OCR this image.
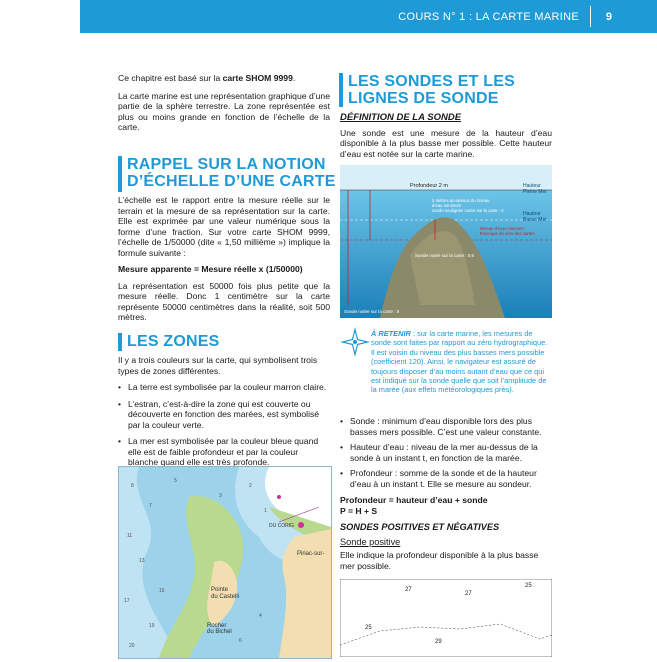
COURS N° 1 : LA CARTE MARINE 9

Ce chapitre est basé sur la carte SHOM 9999.

La carte marine est une représentation graphique d’une partie de la sphère terrestre. La zone représentée est plus ou moins grande en fonction de l’échelle de la carte.

RAPPEL SUR LA NOTION
D’ÉCHELLE D’UNE CARTE

L’échelle est le rapport entre la mesure réelle sur le terrain et la mesure de sa représentation sur la carte. Elle est exprimée par une valeur numérique sous la forme d’une fraction. Sur votre carte SHOM 9999, l’échelle de 1/50000 (dite « 1,50 millième ») implique la formule suivante :

Mesure apparente = Mesure réelle x (1/50000)

La représentation est 50000 fois plus petite que la mesure réelle. Donc 1 centimètre sur la carte représente 50000 centimètres dans la réalité, soit 500 mètres.

LES ZONES

Il y a trois couleurs sur la carte, qui symbolisent trois types de zones différentes.

• La terre est symbolisée par la couleur marron claire.
• L’estran, c’est-à-dire la zone qui est couverte ou découverte en fonction des marées, est symbolisé par la couleur verte.
• La mer est symbolisée par la couleur bleue quand elle est de faible profondeur et par la couleur blanche quand elle est très profonde.
8
7
5
11
13
15
3
2
1
17
19
20
4
6
Piriac-sur-
Pointe
du Castelli
Rocher
du Bichel
DU CORIG
LES SONDES ET LES
LIGNES DE SONDE

DÉFINITION DE LA SONDE

Une sonde est une mesure de la hauteur d’eau disponible à la plus basse mer possible. Cette hauteur d’eau est notée sur la carte marine.

Profondeur 2 m	Hauteur
Pleine Mer
Hauteur
Basse Mer
2 mètres au-dessus du niveau
d’eau minimum
sonde soulignée notée sur la carte : 2
Niveau d’eau minimum
théorique du zéro des cartes
Sonde notée sur la carte : 0,6
Sonde notée sur la carte : 6
À RETENIR : sur la carte marine, les mesures de sonde sont faites par rapport au zéro hydrographique. Il est voisin du niveau des plus basses mers possible (coefficient 120). Ainsi, le navigateur est assuré de toujours disposer d’au moins autant d’eau que ce qui est indiqué sur la sonde quelle que soit l’amplitude de la marée (aux effets météorologiques près).
• Sonde : minimum d’eau disponible lors des plus basses mers possible. C’est une valeur constante.
• Hauteur d’eau : niveau de la mer au-dessus de la sonde à un instant t, en fonction de la marée.
• Profondeur : somme de la sonde et de la hauteur d’eau à un instant t. Elle se mesure au sondeur.

Profondeur = hauteur d’eau + sonde

P = H + S

SONDES POSITIVES ET NÉGATIVES

Sonde positive

Elle indique la profondeur disponible à la plus basse mer possible.

27
25
27
25
29
